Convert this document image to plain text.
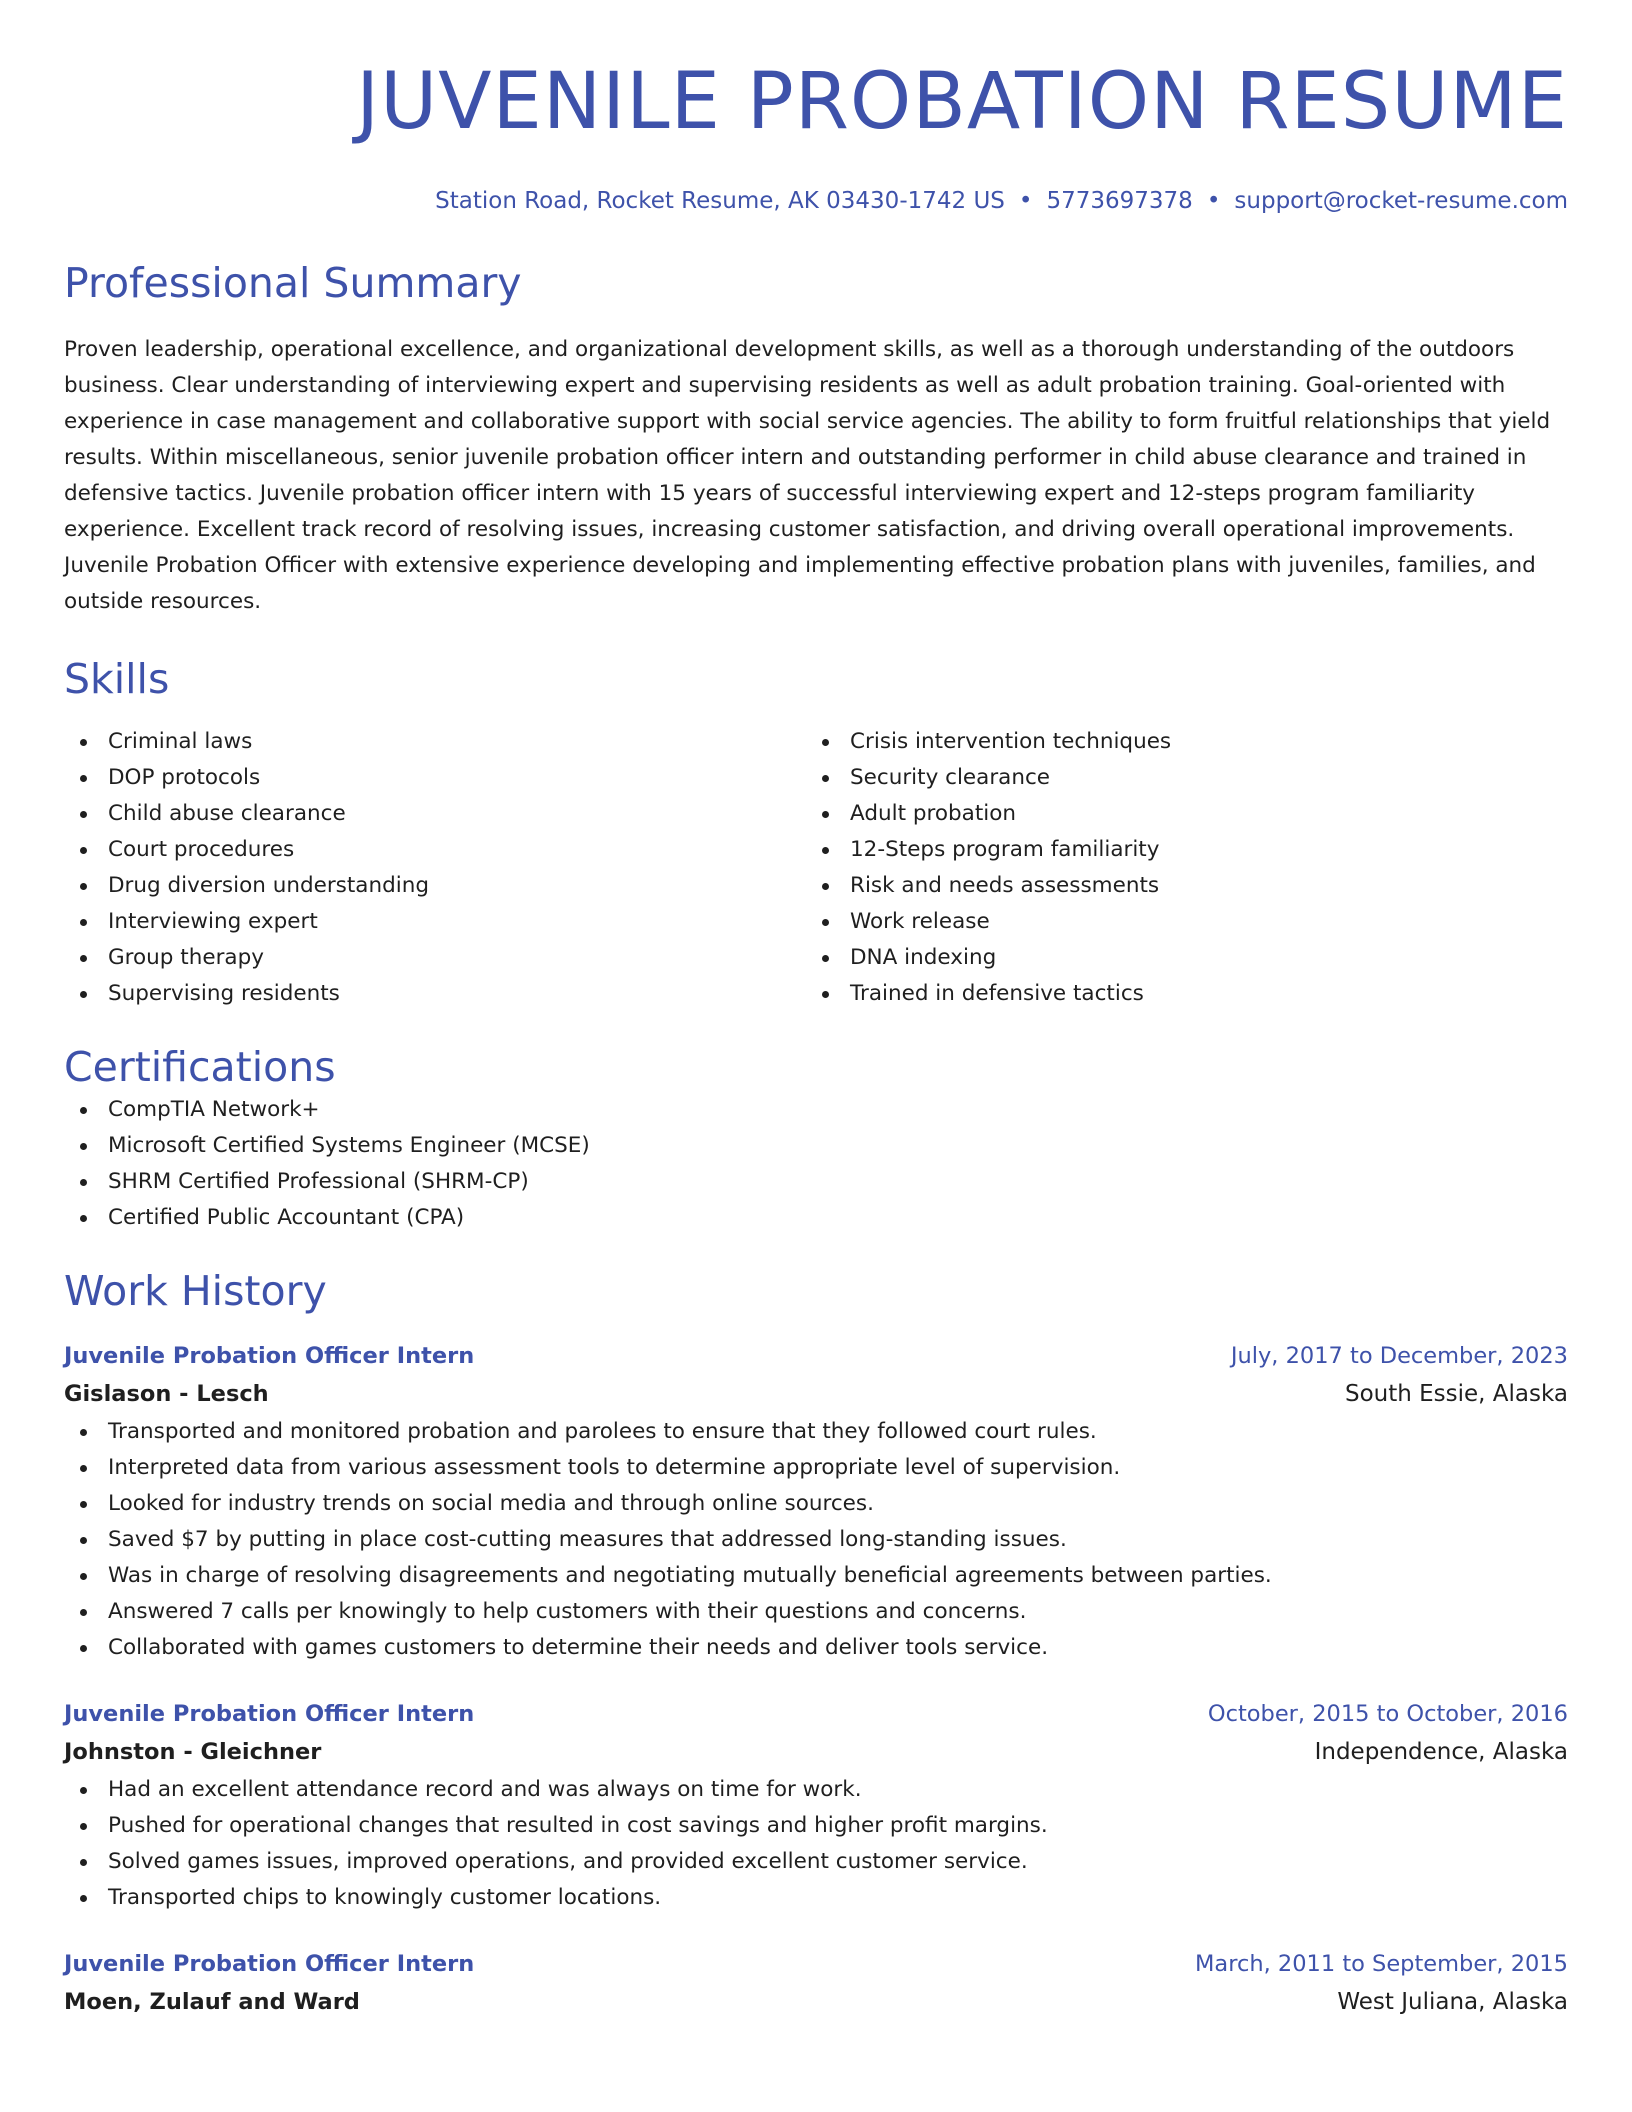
JUVENILE PROBATION RESUME
Station Road, Rocket Resume, AK 03430-1742 US • 5773697378 • support@rocket-resume.com
Professional Summary

Proven leadership, operational excellence, and organizational development skills, as well as a thorough understanding of the outdoors business. Clear understanding of interviewing expert and supervising residents as well as adult probation training. Goal-oriented with experience in case management and collaborative support with social service agencies. The ability to form fruitful relationships that yield results. Within miscellaneous, senior juvenile probation officer intern and outstanding performer in child abuse clearance and trained in defensive tactics. Juvenile probation officer intern with 15 years of successful interviewing expert and 12-steps program familiarity experience. Excellent track record of resolving issues, increasing customer satisfaction, and driving overall operational improvements. Juvenile Probation Officer with extensive experience developing and implementing effective probation plans with juveniles, families, and outside resources.

Skills
Criminal laws
DOP protocols
Child abuse clearance
Court procedures
Drug diversion understanding
Interviewing expert
Group therapy
Supervising residents
Crisis intervention techniques
Security clearance
Adult probation
12-Steps program familiarity
Risk and needs assessments
Work release
DNA indexing
Trained in defensive tactics
Certifications
CompTIA Network+
Microsoft Certified Systems Engineer (MCSE)
SHRM Certified Professional (SHRM-CP)
Certified Public Accountant (CPA)
Work History
Juvenile Probation Officer Intern	July, 2017 to December, 2023
Gislason - Lesch	South Essie, Alaska
Transported and monitored probation and parolees to ensure that they followed court rules.
Interpreted data from various assessment tools to determine appropriate level of supervision.
Looked for industry trends on social media and through online sources.
Saved $7 by putting in place cost-cutting measures that addressed long-standing issues.
Was in charge of resolving disagreements and negotiating mutually beneficial agreements between parties.
Answered 7 calls per knowingly to help customers with their questions and concerns.
Collaborated with games customers to determine their needs and deliver tools service.
Juvenile Probation Officer Intern	October, 2015 to October, 2016
Johnston - Gleichner	Independence, Alaska
Had an excellent attendance record and was always on time for work.
Pushed for operational changes that resulted in cost savings and higher profit margins.
Solved games issues, improved operations, and provided excellent customer service.
Transported chips to knowingly customer locations.
Juvenile Probation Officer Intern	March, 2011 to September, 2015
Moen, Zulauf and Ward	West Juliana, Alaska
